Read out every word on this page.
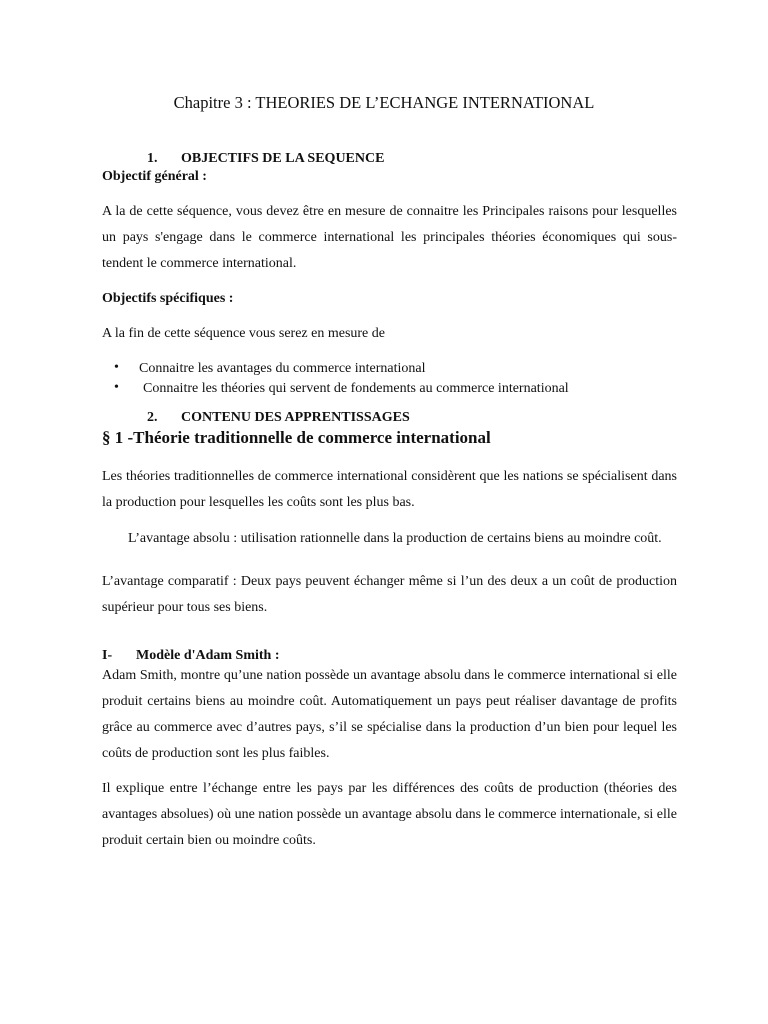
Chapitre 3 : THEORIES DE L’ECHANGE INTERNATIONAL
1. OBJECTIFS DE LA SEQUENCE
Objectif général :
A la de cette séquence, vous devez être en mesure de connaitre les Principales raisons pour lesquelles un pays s'engage dans le commerce international les principales théories économiques qui sous-tendent le commerce international.
Objectifs spécifiques :
A la fin de cette séquence vous serez en mesure de
• Connaitre les avantages du commerce international
• Connaitre les théories qui servent de fondements au commerce international
2. CONTENU DES APPRENTISSAGES
§ 1 -Théorie traditionnelle de commerce international
Les théories traditionnelles de commerce international considèrent que les nations se spécialisent dans la production pour lesquelles les coûts sont les plus bas.
L’avantage absolu : utilisation rationnelle dans la production de certains biens au moindre coût.
L’avantage comparatif : Deux pays peuvent échanger même si l’un des deux a un coût de production supérieur pour tous ses biens.
I- Modèle d'Adam Smith :
Adam Smith, montre qu’une nation possède un avantage absolu dans le commerce international si elle produit certains biens au moindre coût. Automatiquement un pays peut réaliser davantage de profits grâce au commerce avec d’autres pays, s’il se spécialise dans la production d’un bien pour lequel les coûts de production sont les plus faibles.
Il explique entre l’échange entre les pays par les différences des coûts de production (théories des avantages absolues) où une nation possède un avantage absolu dans le commerce internationale, si elle produit certain bien ou moindre coûts.
